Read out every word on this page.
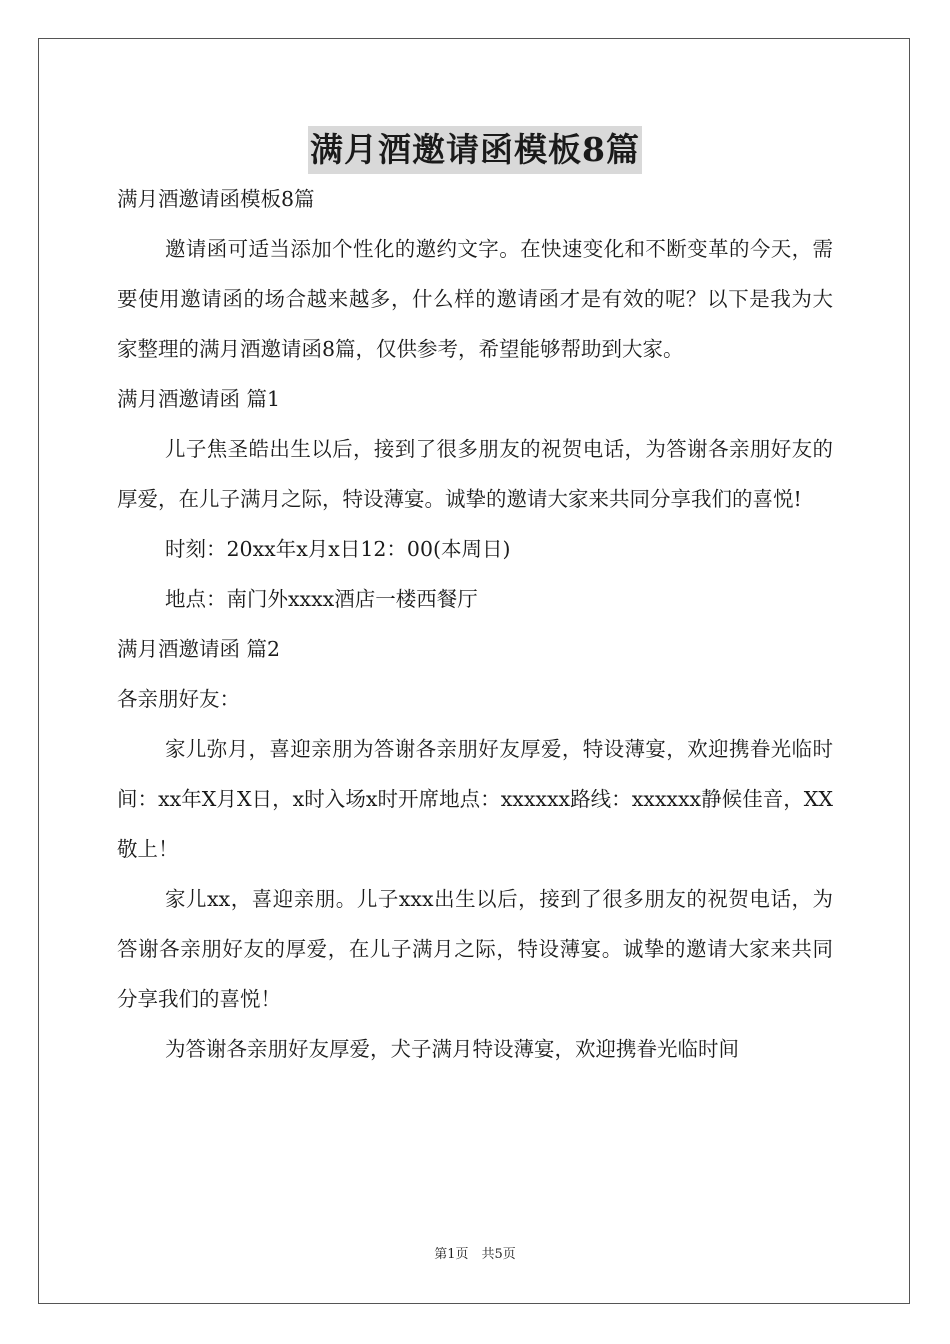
满月酒邀请函模板8篇

满月酒邀请函模板8篇

邀请函可适当添加个性化的邀约文字。在快速变化和不断变革的今天，需要使用邀请函的场合越来越多，什么样的邀请函才是有效的呢？以下是我为大家整理的满月酒邀请函8篇，仅供参考，希望能够帮助到大家。

满月酒邀请函 篇1

儿子焦圣皓出生以后，接到了很多朋友的祝贺电话，为答谢各亲朋好友的厚爱，在儿子满月之际，特设薄宴。诚挚的邀请大家来共同分享我们的喜悦!

时刻：20xx年x月x日12：00(本周日)

地点：南门外xxxx酒店一楼西餐厅

满月酒邀请函 篇2

各亲朋好友：

家儿弥月，喜迎亲朋为答谢各亲朋好友厚爱，特设薄宴，欢迎携眷光临时间：xx年X月X日，x时入场x时开席地点：xxxxxx路线：xxxxxx静候佳音，XX敬上！

家儿xx，喜迎亲朋。儿子xxx出生以后，接到了很多朋友的祝贺电话，为答谢各亲朋好友的厚爱，在儿子满月之际，特设薄宴。诚挚的邀请大家来共同分享我们的喜悦！

为答谢各亲朋好友厚爱，犬子满月特设薄宴，欢迎携眷光临时间

第1页　共5页
